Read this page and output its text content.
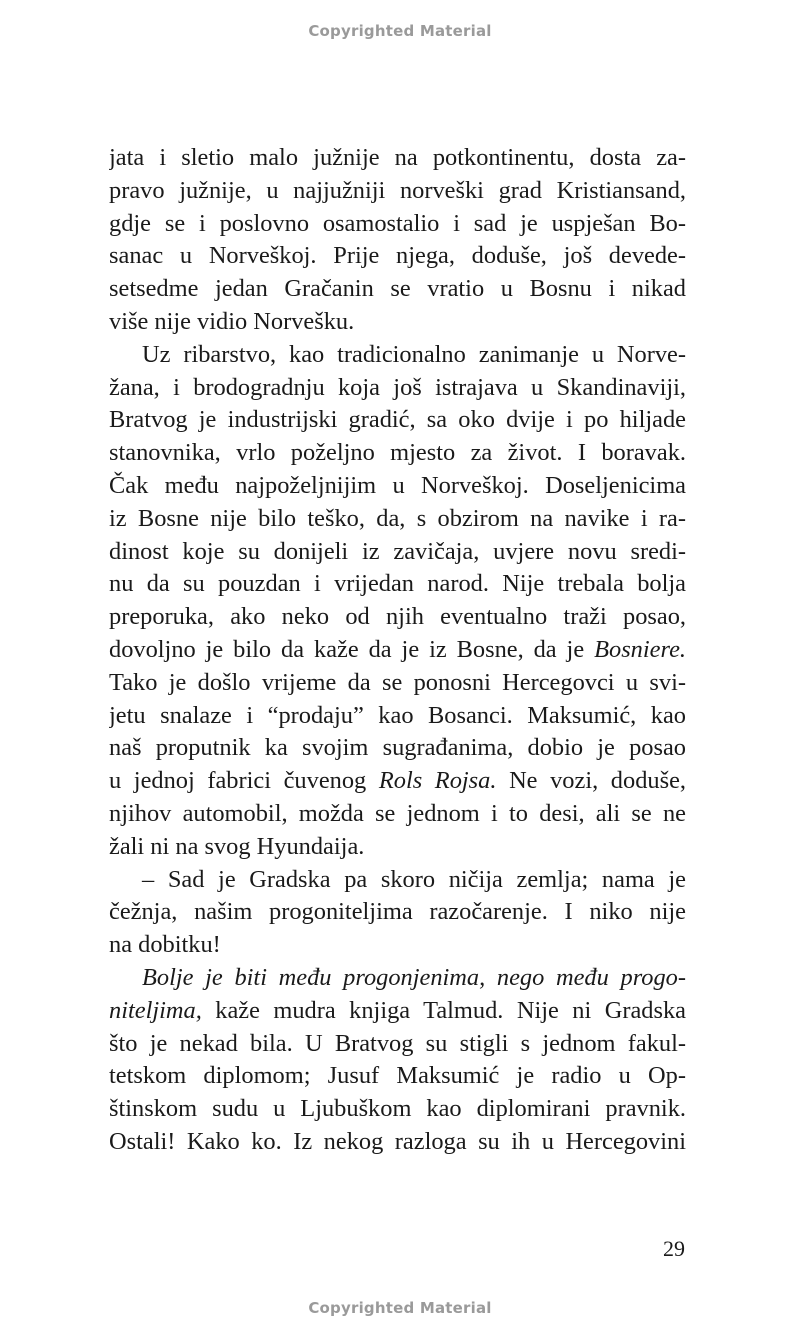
Copyrighted Material
jata i sletio malo južnije na potkontinentu, dosta za-
pravo južnije, u najjužniji norveški grad Kristiansand,
gdje se i poslovno osamostalio i sad je uspješan Bo-
sanac u Norveškoj. Prije njega, doduše, još devede-
setsedme jedan Gračanin se vratio u Bosnu i nikad
više nije vidio Norvešku.
Uz ribarstvo, kao tradicionalno zanimanje u Norve-
žana, i brodogradnju koja još istrajava u Skandinaviji,
Bratvog je industrijski gradić, sa oko dvije i po hiljade
stanovnika, vrlo poželjno mjesto za život. I boravak.
Čak među najpoželjnijim u Norveškoj. Doseljenicima
iz Bosne nije bilo teško, da, s obzirom na navike i ra-
dinost koje su donijeli iz zavičaja, uvjere novu sredi-
nu da su pouzdan i vrijedan narod. Nije trebala bolja
preporuka, ako neko od njih eventualno traži posao,
dovoljno je bilo da kaže da je iz Bosne, da je Bosniere.
Tako je došlo vrijeme da se ponosni Hercegovci u svi-
jetu snalaze i “prodaju” kao Bosanci. Maksumić, kao
naš proputnik ka svojim sugrađanima, dobio je posao
u jednoj fabrici čuvenog Rols Rojsa. Ne vozi, doduše,
njihov automobil, možda se jednom i to desi, ali se ne
žali ni na svog Hyundaija.
– Sad je Gradska pa skoro ničija zemlja; nama je
čežnja, našim progoniteljima razočarenje. I niko nije
na dobitku!
Bolje je biti među progonjenima, nego među progo-
niteljima, kaže mudra knjiga Talmud. Nije ni Gradska
što je nekad bila. U Bratvog su stigli s jednom fakul-
tetskom diplomom; Jusuf Maksumić je radio u Op-
štinskom sudu u Ljubuškom kao diplomirani pravnik.
Ostali! Kako ko. Iz nekog razloga su ih u Hercegovini
29
Copyrighted Material
